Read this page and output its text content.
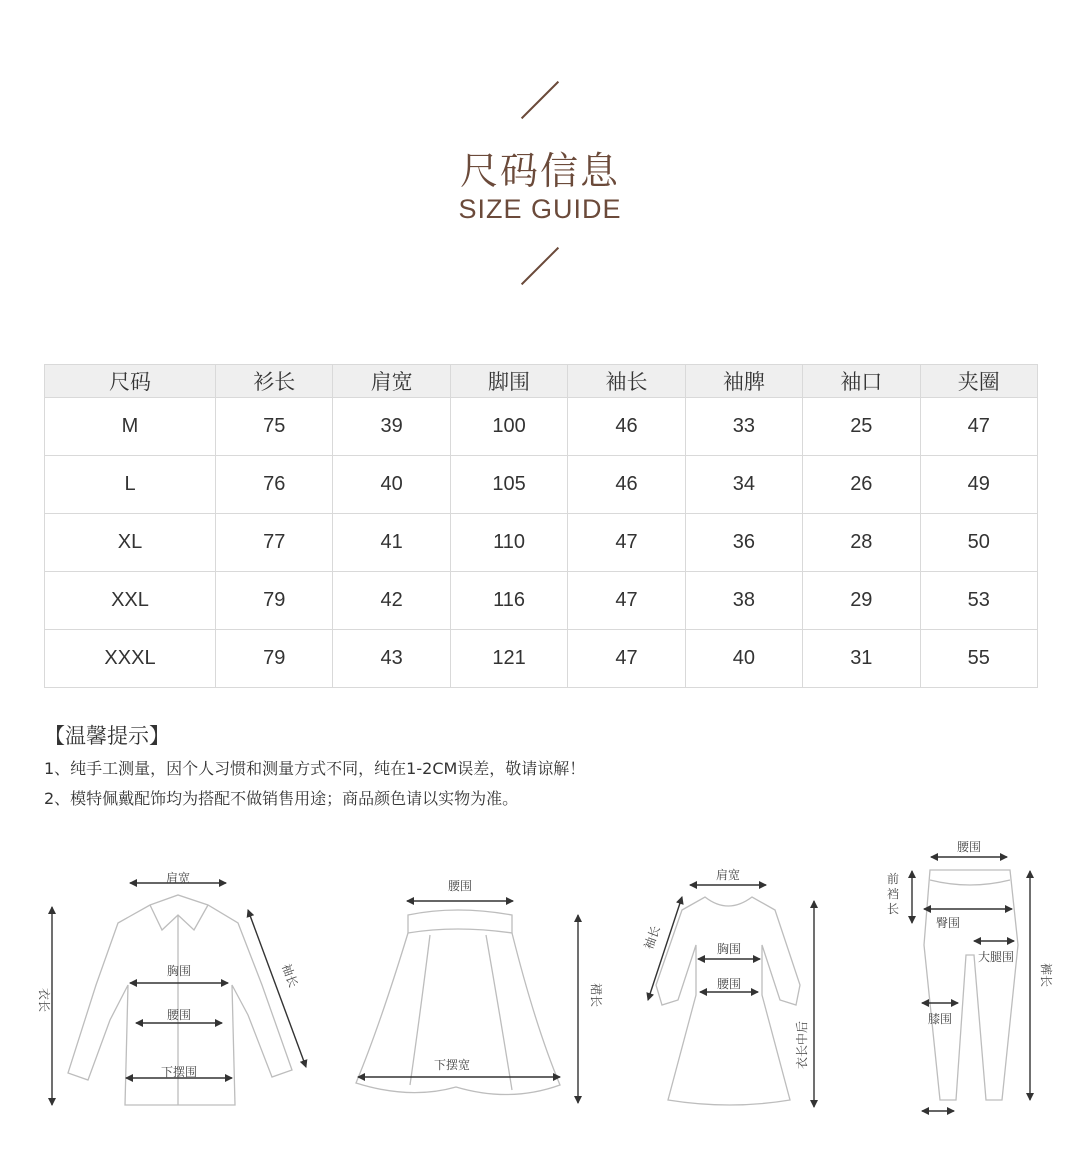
尺码信息
SIZE GUIDE
尺码	衫长	肩宽	脚围	袖长	袖脾	袖口	夹圈
M	75	39	100	46	33	25	47
L	76	40	105	46	34	26	49
XL	77	41	110	47	36	28	50
XXL	79	42	116	47	38	29	53
XXXL	79	43	121	47	40	31	55
【温馨提示】
1、纯手工测量，因个人习惯和测量方式不同，纯在1-2CM误差，敬请谅解！
2、模特佩戴配饰均为搭配不做销售用途；商品颜色请以实物为准。
肩宽
胸围
腰围
下摆围
衣长
袖长
腰围
裙长
下摆宽
肩宽
袖长	胸围
腰围
衣长中后
腰围
前
裆
长
臀围
大腿围
裤长
膝围
